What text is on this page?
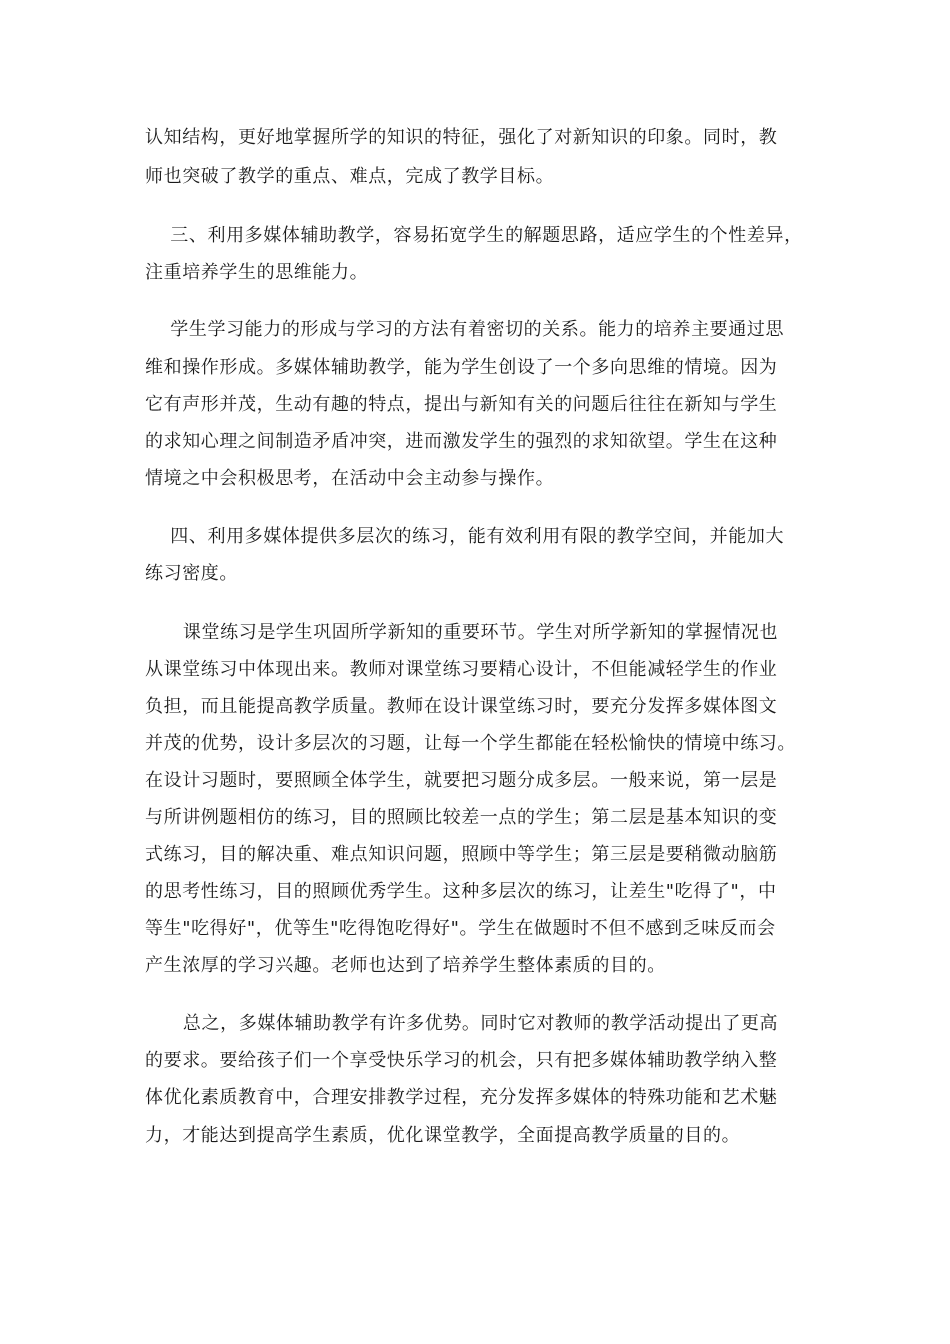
认知结构，更好地掌握所学的知识的特征，强化了对新知识的印象。同时，教
师也突破了教学的重点、难点，完成了教学目标。
三、利用多媒体辅助教学，容易拓宽学生的解题思路，适应学生的个性差异，
注重培养学生的思维能力。
学生学习能力的形成与学习的方法有着密切的关系。能力的培养主要通过思
维和操作形成。多媒体辅助教学，能为学生创设了一个多向思维的情境。因为
它有声形并茂，生动有趣的特点，提出与新知有关的问题后往往在新知与学生
的求知心理之间制造矛盾冲突，进而激发学生的强烈的求知欲望。学生在这种
情境之中会积极思考，在活动中会主动参与操作。
四、利用多媒体提供多层次的练习，能有效利用有限的教学空间，并能加大
练习密度。
课堂练习是学生巩固所学新知的重要环节。学生对所学新知的掌握情况也
从课堂练习中体现出来。教师对课堂练习要精心设计，不但能减轻学生的作业
负担，而且能提高教学质量。教师在设计课堂练习时，要充分发挥多媒体图文
并茂的优势，设计多层次的习题，让每一个学生都能在轻松愉快的情境中练习。
在设计习题时，要照顾全体学生，就要把习题分成多层。一般来说，第一层是
与所讲例题相仿的练习，目的照顾比较差一点的学生；第二层是基本知识的变
式练习，目的解决重、难点知识问题，照顾中等学生；第三层是要稍微动脑筋
的思考性练习，目的照顾优秀学生。这种多层次的练习，让差生"吃得了"，中
等生"吃得好"，优等生"吃得饱吃得好"。学生在做题时不但不感到乏味反而会
产生浓厚的学习兴趣。老师也达到了培养学生整体素质的目的。
总之，多媒体辅助教学有许多优势。同时它对教师的教学活动提出了更高
的要求。要给孩子们一个享受快乐学习的机会，只有把多媒体辅助教学纳入整
体优化素质教育中，合理安排教学过程，充分发挥多媒体的特殊功能和艺术魅
力，才能达到提高学生素质，优化课堂教学，全面提高教学质量的目的。
